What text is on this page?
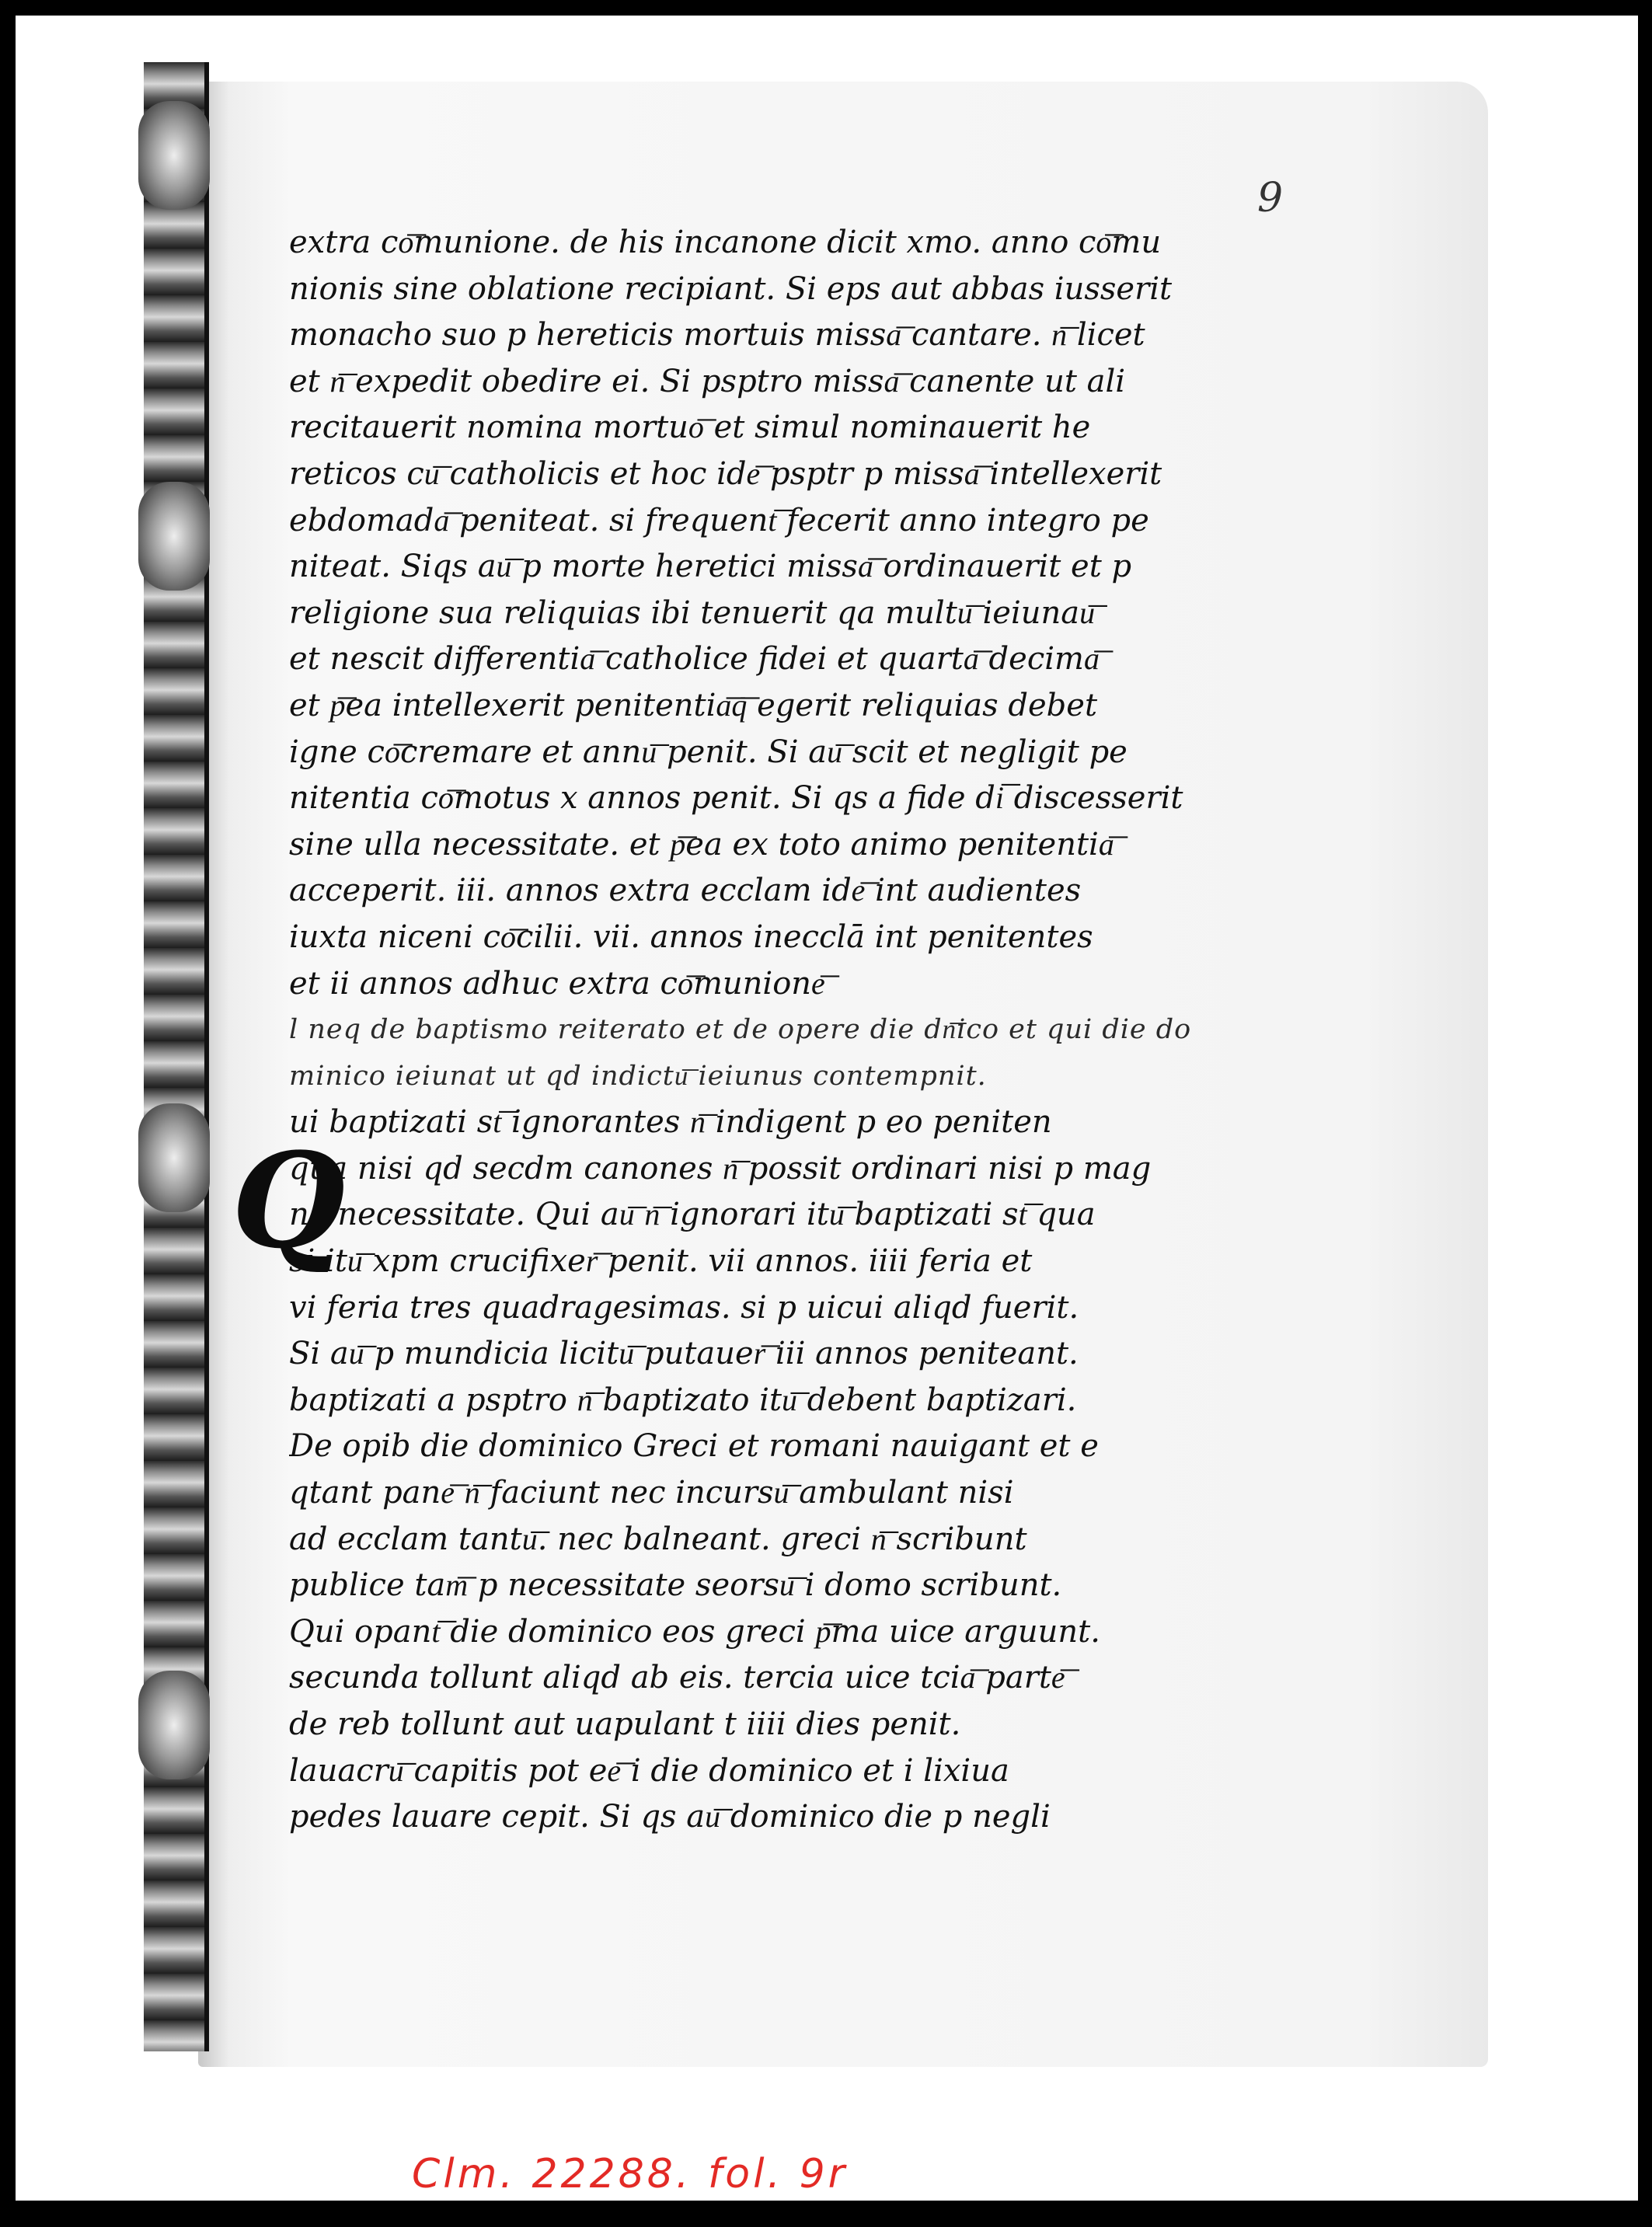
9
extra co͞munione. de his incanone dicit xmo. anno co͞mu
nionis sine oblatione recipiant. Si eps aut abbas iusserit
monacho suo p hereticis mortuis missa͞ cantare. n͞ licet
et n͞ expedit obedire ei. Si psptro missa͞ canente ut ali
recitauerit nomina mortuo͞ et simul nominauerit he
reticos cu͞ catholicis et hoc ide͞ psptr p missa͞ intellexerit
ebdomada͞ peniteat. si frequent͞ fecerit anno integro pe
niteat. Siqs au͞ p morte heretici missa͞ ordinauerit et p
religione sua reliquias ibi tenuerit qa multu͞ ieiunau͞
et nescit differentia͞ catholice fidei et quarta͞ decima͞
et p͞ea intellexerit penitentia͞q͞ egerit reliquias debet
igne co͞cremare et annu͞ penit. Si au͞ scit et negligit pe
nitentia co͞motus x annos penit. Si qs a fide di͞ discesserit
sine ulla necessitate. et p͞ea ex toto animo penitentia͞
acceperit. iii. annos extra ecclam ide͞ int audientes
iuxta niceni co͞cilii. vii. annos inecclā int penitentes
et ii annos adhuc extra co͞munione͞
l neq de baptismo reiterato et de opere die dn͞ico et qui die do
minico ieiunat ut qd indictu͞ ieiunus contempnit.
ui baptizati st͞ ignorantes n͞ indigent p eo peniten
qua nisi qd secdm canones n͞ possit ordinari nisi p mag
na necessitate. Qui au͞ n͞ ignorari itu͞ baptizati st͞ qua
si itu͞ xpm crucifixer͞ penit. vii annos. iiii feria et
vi feria tres quadragesimas. si p uicui aliqd fuerit.
Si au͞ p mundicia licitu͞ putauer͞ iii annos peniteant.
baptizati a psptro n͞ baptizato itu͞ debent baptizari.
De opib die dominico Greci et romani nauigant et e
qtant pane͞ n͞ faciunt nec incursu͞ ambulant nisi
ad ecclam tantu͞. nec balneant. greci n͞ scribunt
publice tam͞ p necessitate seorsu͞ i domo scribunt.
Qui opant͞ die dominico eos greci p͞ma uice arguunt.
secunda tollunt aliqd ab eis. tercia uice tcia͞ parte͞
de reb tollunt aut uapulant t iiii dies penit.
lauacru͞ capitis pot ee͞ i die dominico et i lixiua
pedes lauare cepit. Si qs au͞ dominico die p negli
Q
Clm. 22288. fol. 9r
